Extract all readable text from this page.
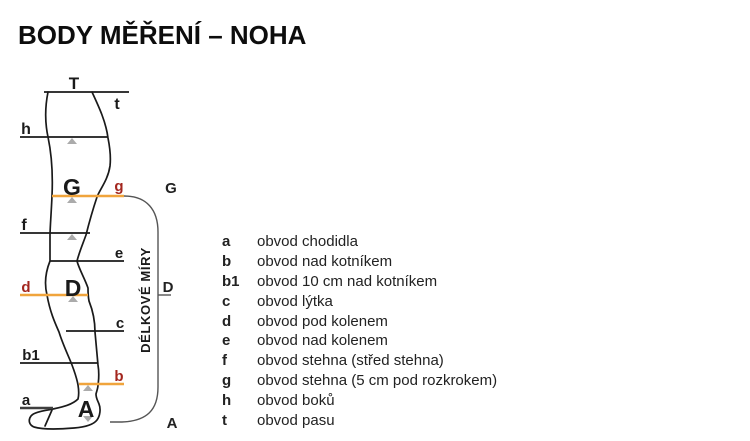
BODY MĚŘENÍ – NOHA
T
t
h
G g
f
e
d D
c
b1
b
a A
G
D
A
DÉLKOVÉ MÍRY
a	obvod chodidla
b	obvod nad kotníkem
b1	obvod 10 cm nad kotníkem
c	obvod lýtka
d	obvod pod kolenem
e	obvod nad kolenem
f	obvod stehna (střed stehna)
g	obvod stehna (5 cm pod rozkrokem)
h	obvod boků
t	obvod pasu
